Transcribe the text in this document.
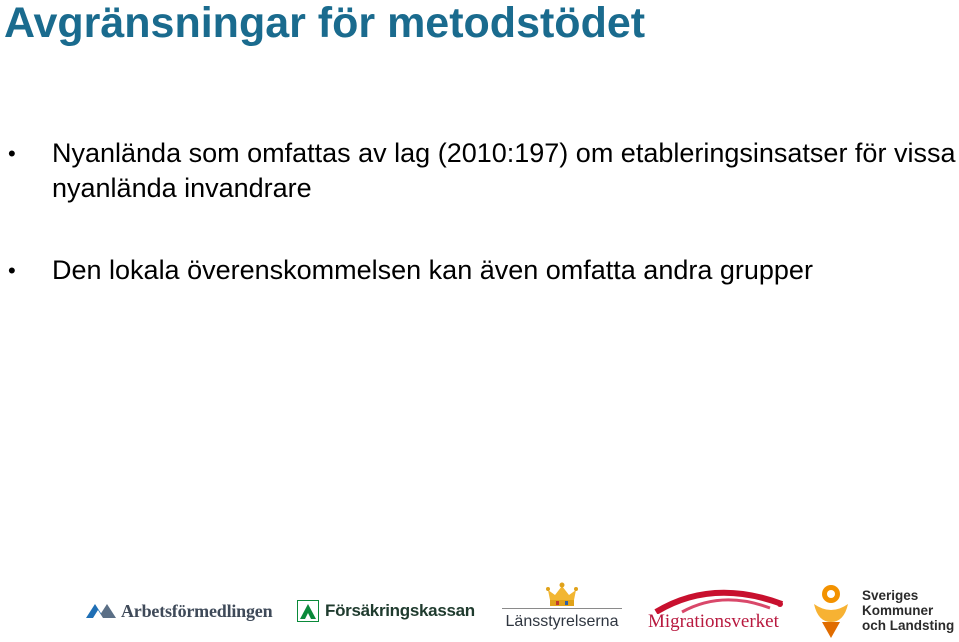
Avgränsningar för metodstödet
• Nyanlända som omfattas av lag (2010:197) om etableringsinsatser för vissa nyanlända invandrare
• Den lokala överenskommelsen kan även omfatta andra grupper
Arbetsförmedlingen	Försäkringskassan
Länsstyrelserna Migrationsverket
Sveriges
Kommuner
och Landsting
